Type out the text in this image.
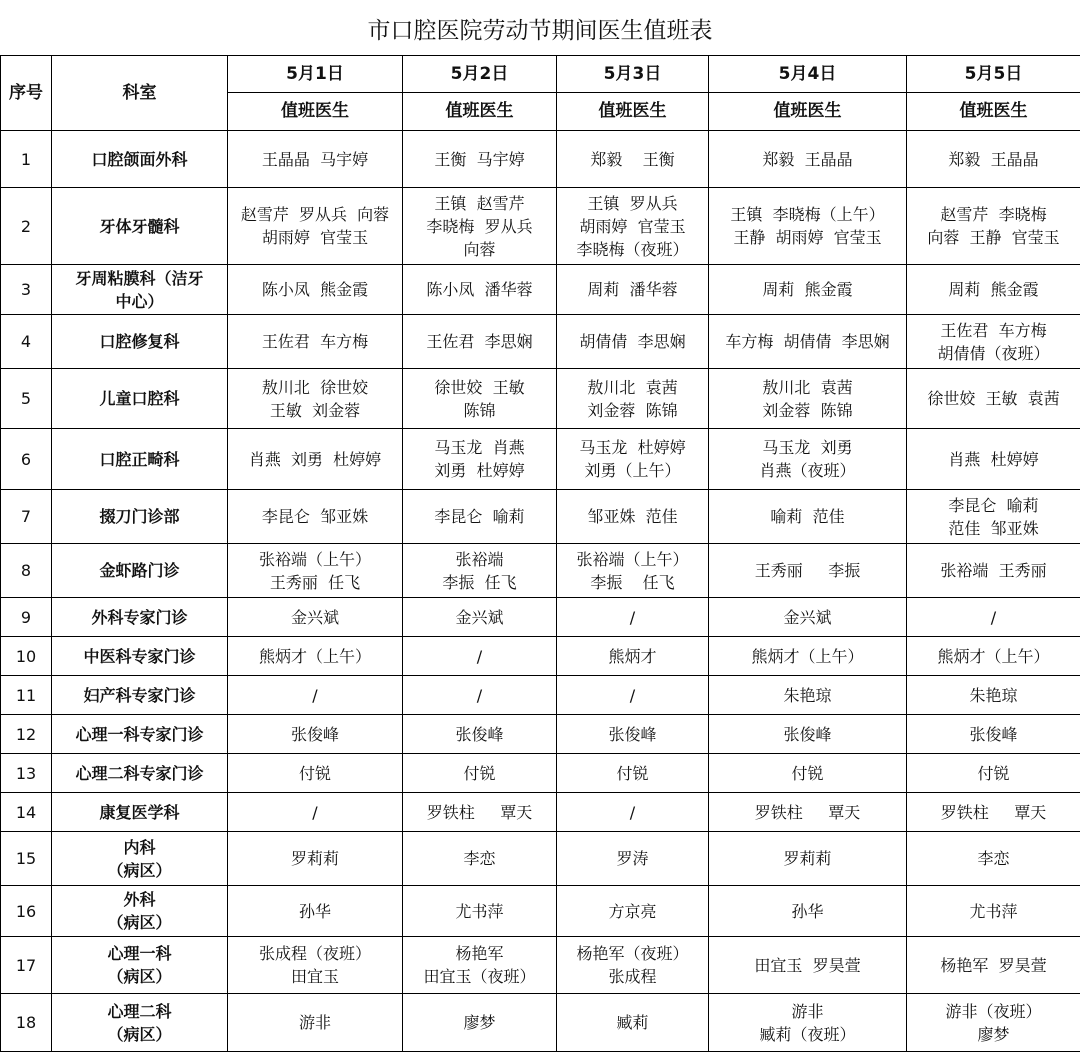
市口腔医院劳动节期间医生值班表
序号	科室	5月1日	5月2日	5月3日	5月4日	5月5日
		值班医生	值班医生	值班医生	值班医生	值班医生
1	口腔颌面外科	王晶晶  马宇婷	王衡  马宇婷	郑毅    王衡	郑毅  王晶晶	郑毅  王晶晶

2	牙体牙髓科	赵雪芹  罗从兵  向蓉
胡雨婷  官莹玉	王镇  赵雪芹
李晓梅  罗从兵
向蓉	王镇  罗从兵
胡雨婷  官莹玉
李晓梅（夜班）	王镇  李晓梅（上午）
王静  胡雨婷  官莹玉	赵雪芹  李晓梅
向蓉  王静  官莹玉

3	牙周粘膜科（洁牙
中心）	陈小凤  熊金霞	陈小凤  潘华蓉	周莉  潘华蓉	周莉  熊金霞	周莉  熊金霞

4	口腔修复科	王佐君  车方梅	王佐君  李思娴	胡倩倩  李思娴	车方梅  胡倩倩  李思娴	王佐君  车方梅
胡倩倩（夜班）

5	儿童口腔科	敖川北  徐世姣
王敏  刘金蓉	徐世姣  王敏
陈锦	敖川北  袁茜
刘金蓉  陈锦	敖川北  袁茜
刘金蓉  陈锦	徐世姣  王敏  袁茜

6	口腔正畸科	肖燕  刘勇  杜婷婷	马玉龙  肖燕
刘勇  杜婷婷	马玉龙  杜婷婷
刘勇（上午）	马玉龙  刘勇
肖燕（夜班）	肖燕  杜婷婷

7	掇刀门诊部	李昆仑  邹亚姝	李昆仑  喻莉	邹亚姝  范佳	喻莉  范佳	李昆仑  喻莉
范佳  邹亚姝

8	金虾路门诊	张裕端（上午）
王秀丽  任飞	张裕端
李振  任飞	张裕端（上午）
李振    任飞	王秀丽     李振	张裕端  王秀丽

9	外科专家门诊	金兴斌	金兴斌	/	金兴斌	/

10	中医科专家门诊	熊炳才（上午）	/	熊炳才	熊炳才（上午）	熊炳才（上午）

11	妇产科专家门诊	/	/	/	朱艳琼	朱艳琼

12	心理一科专家门诊	张俊峰	张俊峰	张俊峰	张俊峰	张俊峰

13	心理二科专家门诊	付锐	付锐	付锐	付锐	付锐

14	康复医学科	/	罗铁柱     覃天	/	罗铁柱     覃天	罗铁柱     覃天

15	内科
（病区）	罗莉莉	李恋	罗涛	罗莉莉	李恋

16	外科
（病区）	孙华	尤书萍	方京亮	孙华	尤书萍

17	心理一科
（病区）	张成程（夜班）
田宜玉	杨艳军
田宜玉（夜班）	杨艳军（夜班）
张成程	田宜玉  罗昊萱	杨艳军  罗昊萱

18	心理二科
（病区）	游非	廖梦	臧莉	游非
臧莉（夜班）	游非（夜班）
廖梦
